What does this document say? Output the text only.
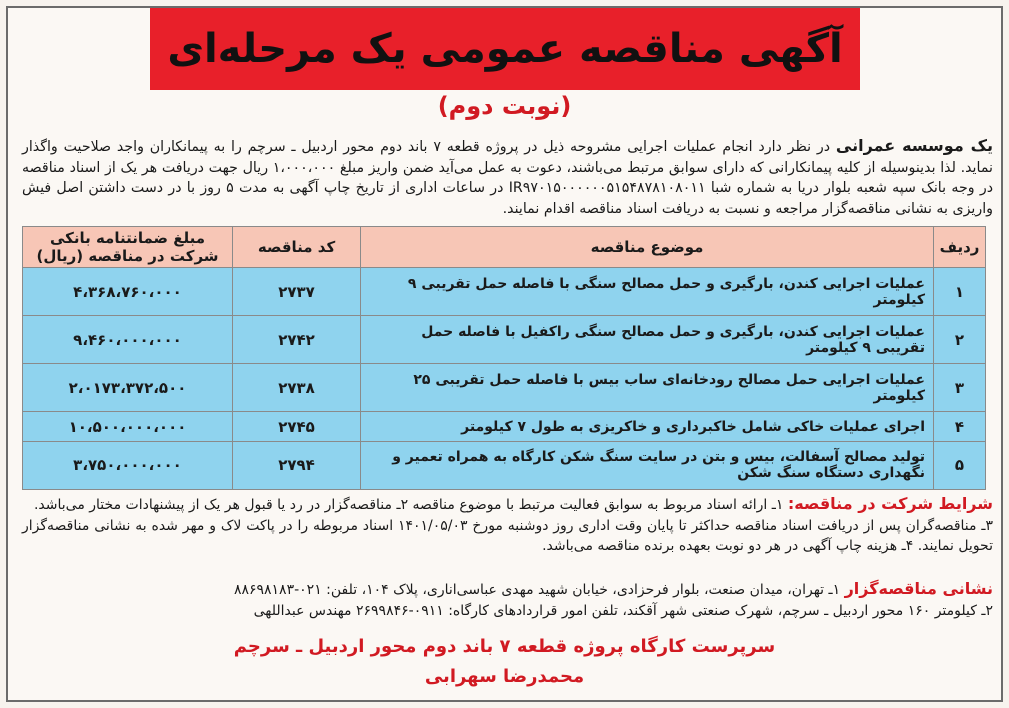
آگهی مناقصه عمومی یک مرحله‌ای
(نوبت دوم)
یک موسسه عمرانی در نظر دارد انجام عملیات اجرایی مشروحه ذیل در پروژه قطعه ۷ باند دوم محور اردبیل ـ سرچم را به پیمانکاران واجد صلاحیت واگذار نماید. لذا بدینوسیله از کلیه پیمانکارانی که دارای سوابق مرتبط می‌باشند، دعوت به عمل می‌آید ضمن واریز مبلغ ۱،۰۰۰،۰۰۰ ریال جهت دریافت هر یک از اسناد مناقصه در وجه بانک سپه شعبه بلوار دریا به شماره شبا IR۹۷۰۱۵۰۰۰۰۰۰۵۱۵۴۸۷۸۱۰۸۰۱۱ در ساعات اداری از تاریخ چاپ آگهی به مدت ۵ روز با در دست داشتن اصل فیش واریزی به نشانی مناقصه‌گزار مراجعه و نسبت به دریافت اسناد مناقصه اقدام نمایند.
ردیف	موضوع مناقصه	کد مناقصه	مبلغ ضمانتنامه بانکی شرکت در مناقصه (ریال)
۱	عملیات اجرایی کندن، بارگیری و حمل مصالح سنگی با فاصله حمل تقریبی ۹ کیلومتر	۲۷۳۷	۴،۳۶۸،۷۶۰،۰۰۰
۲	عملیات اجرایی کندن، بارگیری و حمل مصالح سنگی راکفیل با فاصله حمل تقریبی ۹ کیلومتر	۲۷۴۲	۹،۴۶۰،۰۰۰،۰۰۰
۳	عملیات اجرایی حمل مصالح رودخانه‌ای ساب بیس با فاصله حمل تقریبی ۲۵ کیلومتر	۲۷۳۸	۲،۰۱۷۳،۳۷۲،۵۰۰
۴	اجرای عملیات خاکی شامل خاکبرداری و خاکریزی به طول ۷ کیلومتر	۲۷۴۵	۱۰،۵۰۰،۰۰۰،۰۰۰
۵	تولید مصالح آسفالت، بیس و بتن در سایت سنگ شکن کارگاه به همراه تعمیر و نگهداری دستگاه سنگ شکن	۲۷۹۴	۳،۷۵۰،۰۰۰،۰۰۰
شرایط شرکت در مناقصه: ۱ـ ارائه اسناد مربوط به سوابق فعالیت مرتبط با موضوع مناقصه ۲ـ مناقصه‌گزار در رد یا قبول هر یک از پیشنهادات مختار می‌باشد.
۳ـ مناقصه‌گران پس از دریافت اسناد مناقصه حداکثر تا پایان وقت اداری روز دوشنبه مورخ ۱۴۰۱/۰۵/۰۳ اسناد مربوطه را در پاکت لاک و مهر شده به نشانی مناقصه‌گزار تحویل نمایند. ۴ـ هزینه چاپ آگهی در هر دو نوبت بعهده برنده مناقصه می‌باشد.
نشانی مناقصه‌گزار ۱ـ تهران، میدان صنعت، بلوار فرحزادی، خیابان شهید مهدی عباسی‌اناری، پلاک ۱۰۴، تلفن: ۰۲۱-۸۸۶۹۸۱۸۳
۲ـ کیلومتر ۱۶۰ محور اردبیل ـ سرچم، شهرک صنعتی شهر آقکند، تلفن امور قراردادهای کارگاه: ۰۹۱۱-۲۶۹۹۸۴۶ مهندس عبداللهی
سرپرست کارگاه پروژه قطعه ۷ باند دوم محور اردبیل ـ سرچم
محمدرضا سهرابی
